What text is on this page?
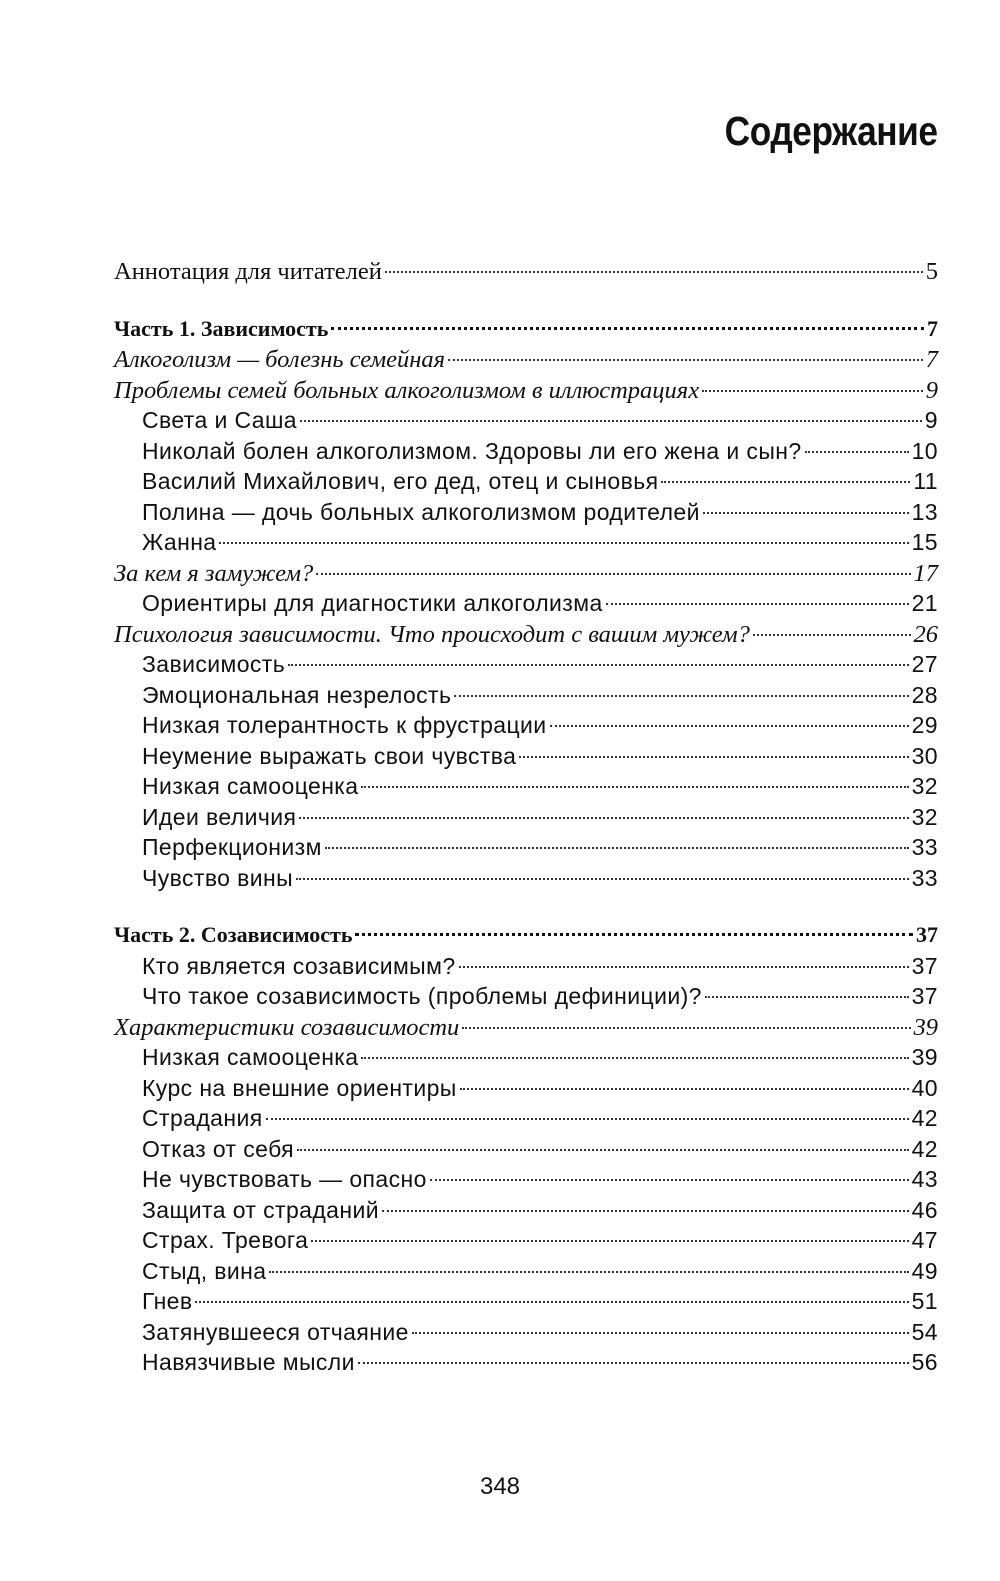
Содержание
Аннотация для читателей	5
Часть 1. Зависимость	7
Алкоголизм — болезнь семейная	7
Проблемы семей больных алкоголизмом в иллюстрациях	9
Света и Саша	9
Николай болен алкоголизмом. Здоровы ли его жена и сын?	10
Василий Михайлович, его дед, отец и сыновья	11
Полина — дочь больных алкоголизмом родителей	13
Жанна	15
За кем я замужем?	17
Ориентиры для диагностики алкоголизма	21
Психология зависимости. Что происходит с вашим мужем?	26
Зависимость	27
Эмоциональная незрелость	28
Низкая толерантность к фрустрации	29
Неумение выражать свои чувства	30
Низкая самооценка	32
Идеи величия	32
Перфекционизм	33
Чувство вины	33
Часть 2. Созависимость	37
Кто является созависимым?	37
Что такое созависимость (проблемы дефиниции)?	37
Характеристики созависимости	39
Низкая самооценка	39
Курс на внешние ориентиры	40
Страдания	42
Отказ от себя	42
Не чувствовать — опасно	43
Защита от страданий	46
Страх. Тревога	47
Стыд, вина	49
Гнев	51
Затянувшееся отчаяние	54
Навязчивые мысли	56
348
